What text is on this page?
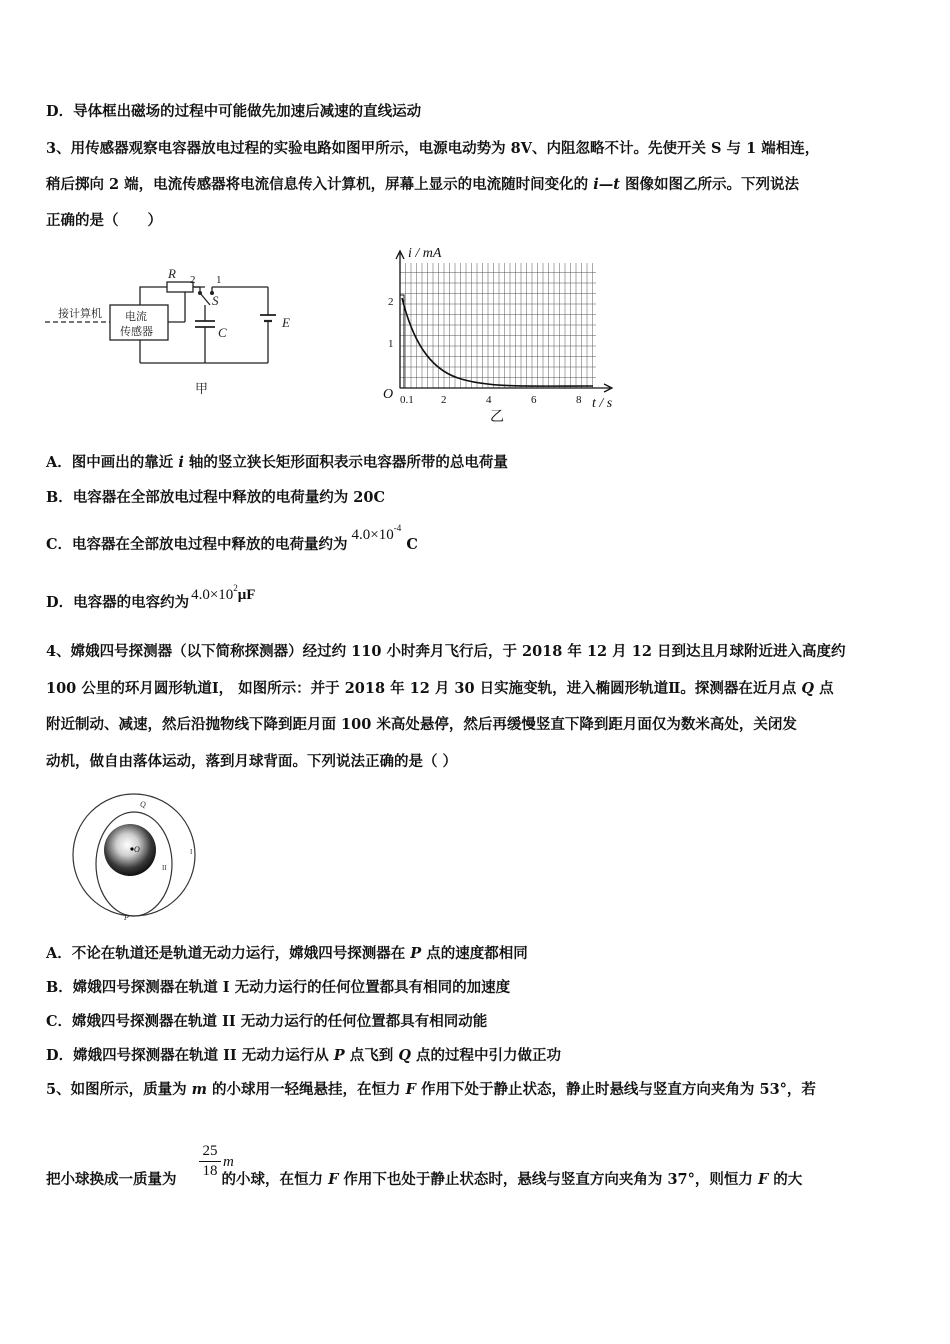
D．导体框出磁场的过程中可能做先加速后减速的直线运动
3、用传感器观察电容器放电过程的实验电路如图甲所示，电源电动势为 8V、内阻忽略不计。先使开关 S 与 1 端相连，
稍后掷向 2 端，电流传感器将电流信息传入计算机，屏幕上显示的电流随时间变化的 i—t 图像如图乙所示。下列说法
正确的是（　　）
接计算机 电流
传感器
R 2 1
S
C
E
甲
i / mA
O
t / s
0.1 2	4	6	8
1
2
乙
A．图中画出的靠近 i 轴的竖立狭长矩形面积表示电容器所带的总电荷量
B．电容器在全部放电过程中释放的电荷量约为 20C
C．电容器在全部放电过程中释放的电荷量约为$4.0\times 10^{-4}$ C
D．电容器的电容约为 $4.0\times 10^2\mu F$
4、嫦娥四号探测器（以下简称探测器）经过约 110 小时奔月飞行后，于 2018 年 12 月 12 日到达且月球附近进入高度约
100 公里的环月圆形轨道Ⅰ， 如图所示：并于 2018 年 12 月 30 日实施变轨，进入椭圆形轨道Ⅱ。探测器在近月点 Q 点
附近制动、减速，然后沿抛物线下降到距月面 100 米高处悬停，然后再缓慢竖直下降到距月面仅为数米高处，关闭发
动机，做自由落体运动，落到月球背面。下列说法正确的是（ ）
O
Q
P
II
I
A．不论在轨道还是轨道无动力运行，嫦娥四号探测器在 P 点的速度都相同
B．嫦娥四号探测器在轨道 I 无动力运行的任何位置都具有相同的加速度
C．嫦娥四号探测器在轨道 II 无动力运行的任何位置都具有相同动能
D．嫦娥四号探测器在轨道 II 无动力运行从 P 点飞到 Q 点的过程中引力做正功
5、如图所示，质量为 m 的小球用一轻绳悬挂，在恒力 F 作用下处于静止状态，静止时悬线与竖直方向夹角为 53°，若
25
18
m
把小球换成一质量为	的小球，在恒力 F 作用下也处于静止状态时，悬线与竖直方向夹角为 37°，则恒力 F 的大
